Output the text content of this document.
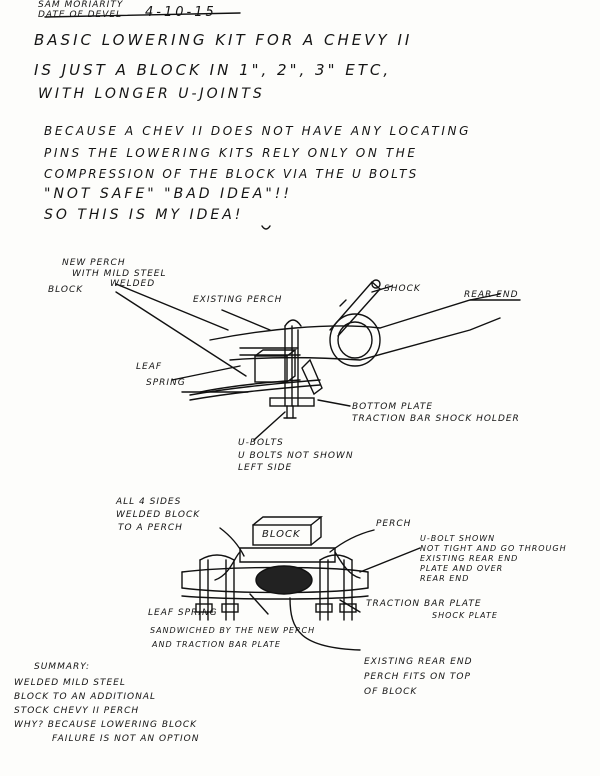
SAM MORIARITY
DATE OF DEVEL 4-10-15
BASIC LOWERING KIT FOR A CHEVY II
IS JUST A BLOCK IN 1", 2", 3" ETC,
WITH LONGER U-JOINTS
BECAUSE A CHEV II DOES NOT HAVE ANY LOCATING
PINS THE LOWERING KITS RELY ONLY ON THE
COMPRESSION OF THE BLOCK VIA THE U BOLTS
"NOT SAFE" "BAD IDEA"!!
SO THIS IS MY IDEA!
NEW PERCH
WITH MILD STEEL
BLOCK
WELDED
EXISTING PERCH
SHOCK
REAR END
LEAF
SPRING
BOTTOM PLATE
TRACTION BAR SHOCK HOLDER
U-BOLTS
U BOLTS NOT SHOWN
LEFT SIDE
ALL 4 SIDES
WELDED BLOCK
TO A PERCH
BLOCK
PERCH
U-BOLT SHOWN
NOT TIGHT AND GO THROUGH
EXISTING REAR END
PLATE AND OVER
REAR END
TRACTION BAR PLATE
SHOCK PLATE
LEAF SPRING
SANDWICHED BY THE NEW PERCH
AND TRACTION BAR PLATE
EXISTING REAR END
PERCH FITS ON TOP
OF BLOCK
SUMMARY:
WELDED MILD STEEL
BLOCK TO AN ADDITIONAL
STOCK CHEVY II PERCH
WHY? BECAUSE LOWERING BLOCK
FAILURE IS NOT AN OPTION
